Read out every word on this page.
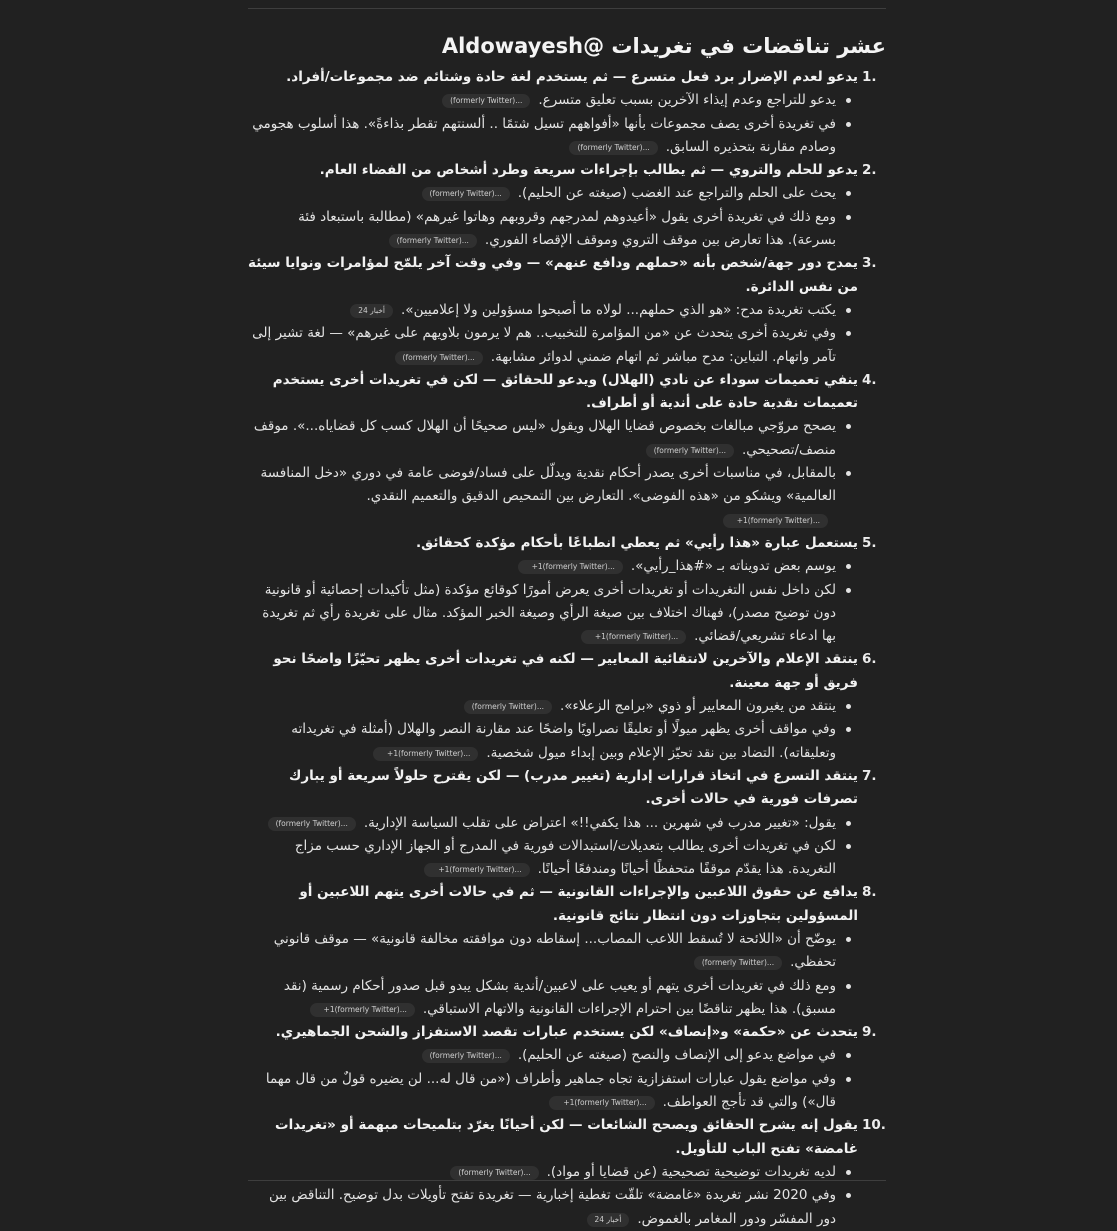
عشر تناقضات في تغريدات @Aldowayesh
1.
يدعو لعدم الإضرار برد فعل متسرع — ثم يستخدم لغة حادة وشتائم ضد مجموعات/أفراد.
يدعو للتراجع وعدم إيذاء الآخرين بسبب تعليق متسرع.(formerly Twitter)...
في تغريدة أخرى يصف مجموعات بأنها «أفواههم تسيل شتمًا .. ألسنتهم تقطر بذاءةً». هذا أسلوب هجومي وصادم مقارنة بتحذيره السابق.(formerly Twitter)...
2.
يدعو للحلم والتروي — ثم يطالب بإجراءات سريعة وطرد أشخاص من الفضاء العام.
يحث على الحلم والتراجع عند الغضب (صيغته عن الحليم).(formerly Twitter)...
ومع ذلك في تغريدة أخرى يقول «أعيدوهم لمدرجهم وقروبهم وهاتوا غيرهم» (مطالبة باستبعاد فئة بسرعة). هذا تعارض بين موقف التروي وموقف الإقصاء الفوري.(formerly Twitter)...
3.
يمدح دور جهة/شخص بأنه «حملهم ودافع عنهم» — وفي وقت آخر يلمّح لمؤامرات ونوايا سيئة من نفس الدائرة.
يكتب تغريدة مدح: «هو الذي حملهم... لولاه ما أصبحوا مسؤولين ولا إعلاميين».أخبار 24
وفي تغريدة أخرى يتحدث عن «من المؤامرة للتخبيب.. هم لا يرمون بلاويهم على غيرهم» — لغة تشير إلى تآمر واتهام. التباين: مدح مباشر ثم اتهام ضمني لدوائر مشابهة.(formerly Twitter)...
4.
ينفي تعميمات سوداء عن نادي (الهلال) ويدعو للحقائق — لكن في تغريدات أخرى يستخدم تعميمات نقدية حادة على أندية أو أطراف.
يصحح مروّجي مبالغات بخصوص قضايا الهلال ويقول «ليس صحيحًا أن الهلال كسب كل قضاياه...». موقف منصف/تصحيحي.(formerly Twitter)...
بالمقابل، في مناسبات أخرى يصدر أحكام نقدية ويدلّل على فساد/فوضى عامة في دوري «دخل المنافسة العالمية» ويشكو من «هذه الفوضى». التعارض بين التمحيص الدقيق والتعميم النقدي.+1(formerly Twitter)...
5.
يستعمل عبارة «هذا رأيي» ثم يعطي انطباعًا بأحكام مؤكدة كحقائق.
يوسم بعض تدويناته بـ «#هذا_رأيي».+1(formerly Twitter)...
لكن داخل نفس التغريدات أو تغريدات أخرى يعرض أمورًا كوقائع مؤكدة (مثل تأكيدات إحصائية أو قانونية دون توضيح مصدر)، فهناك اختلاف بين صيغة الرأي وصيغة الخبر المؤكد. مثال على تغريدة رأي ثم تغريدة بها ادعاء تشريعي/قضائي.+1(formerly Twitter)...
6.
ينتقد الإعلام والآخرين لانتقائية المعايير — لكنه في تغريدات أخرى يظهر تحيّزًا واضحًا نحو فريق أو جهة معينة.
ينتقد من يغيرون المعايير أو ذوي «برامج الزعلاء».(formerly Twitter)...
وفي مواقف أخرى يظهر ميولًا أو تعليقًا نصراويًا واضحًا عند مقارنة النصر والهلال (أمثلة في تغريداته وتعليقاته). التضاد بين نقد تحيّز الإعلام وبين إبداء ميول شخصية.+1(formerly Twitter)...
7.
ينتقد التسرع في اتخاذ قرارات إدارية (تغيير مدرب) — لكن يقترح حلولاً سريعة أو يبارك تصرفات فورية في حالات أخرى.
يقول: «تغيير مدرب في شهرين ... هذا يكفي!!» اعتراض على تقلب السياسة الإدارية.(formerly Twitter)...
لكن في تغريدات أخرى يطالب بتعديلات/استبدالات فورية في المدرج أو الجهاز الإداري حسب مزاج التغريدة. هذا يقدّم موقفًا متحفظًا أحيانًا ومندفعًا أحيانًا.+1(formerly Twitter)...
8.
يدافع عن حقوق اللاعبين والإجراءات القانونية — ثم في حالات أخرى يتهم اللاعبين أو المسؤولين بتجاوزات دون انتظار نتائج قانونية.
يوضّح أن «اللائحة لا تُسقط اللاعب المصاب... إسقاطه دون موافقته مخالفة قانونية» — موقف قانوني تحفظي.(formerly Twitter)...
ومع ذلك في تغريدات أخرى يتهم أو يعيب على لاعبين/أندية بشكل يبدو قبل صدور أحكام رسمية (نقد مسبق). هذا يظهر تناقضًا بين احترام الإجراءات القانونية والاتهام الاستباقي.+1(formerly Twitter)...
9.
يتحدث عن «حكمة» و«إنصاف» لكن يستخدم عبارات تقصد الاستفزاز والشحن الجماهيري.
في مواضع يدعو إلى الإنصاف والنصح (صيغته عن الحليم).(formerly Twitter)...
وفي مواضع يقول عبارات استفزازية تجاه جماهير وأطراف («من قال له... لن يضيره قولٌ من قال مهما قال») والتي قد تأجج العواطف.+1(formerly Twitter)...
10.
يقول إنه يشرح الحقائق ويصحح الشائعات — لكن أحيانًا يغرّد بتلميحات مبهمة أو «تغريدات غامضة» تفتح الباب للتأويل.
لديه تغريدات توضيحية تصحيحية (عن قضايا أو مواد).(formerly Twitter)...
وفي 2020 نشر تغريدة «غامضة» تلقّت تغطية إخبارية — تغريدة تفتح تأويلات بدل توضيح. التناقض بين دور المفسّر ودور المغامر بالغموض.أخبار 24
